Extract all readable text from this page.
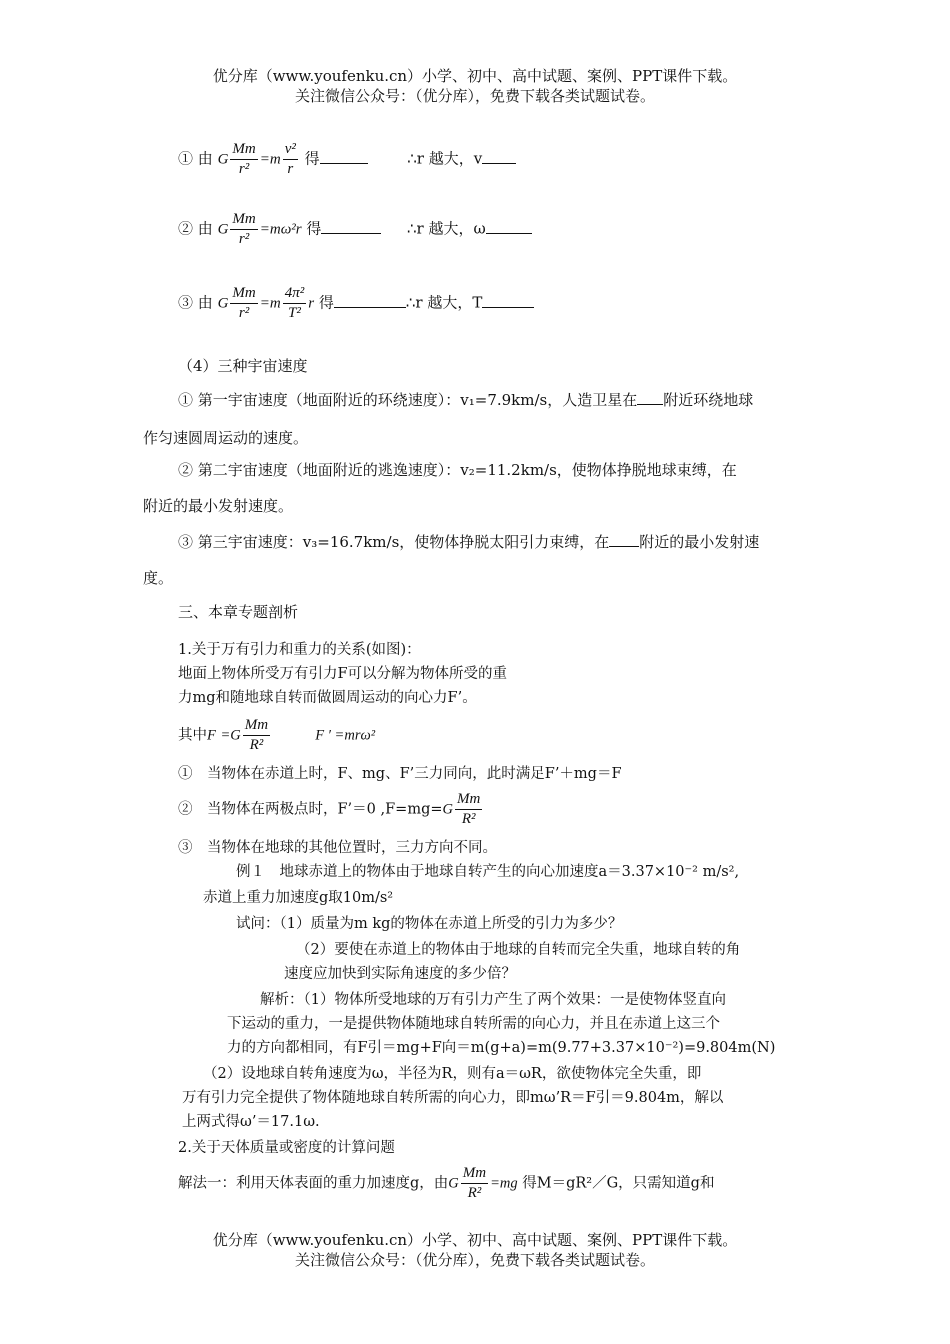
优分库（www.youfenku.cn）小学、初中、高中试题、案例、PPT课件下载。
关注微信公众号：（优分库），免费下载各类试题试卷。
① 由 G $\frac{Mm}{\text{r²}} =m \frac{\text{v²}}{r}$ 得	∴r 越大，v
② 由 G $\frac{Mm}{\text{r²}} =m\omega^2r$ 得	∴r 越大，ω
③ 由 G $\frac{Mm}{\text{r²}} =m \frac{\text{4π²}}{\text{T²}}$ r 得	∴r 越大，T
（4）三种宇宙速度
① 第一宇宙速度（地面附近的环绕速度）：v₁=7.9km/s，人造卫星在 附近环绕地球
作匀速圆周运动的速度。
② 第二宇宙速度（地面附近的逃逸速度）：v₂=11.2km/s，使物体挣脱地球束缚，在
附近的最小发射速度。
③ 第三宇宙速度：v₃=16.7km/s，使物体挣脱太阳引力束缚，在 附近的最小发射速
度。
三、本章专题剖析
1.关于万有引力和重力的关系(如图)：
地面上物体所受万有引力F可以分解为物体所受的重
力mg和随地球自转而做圆周运动的向心力F’。
其中$F =G \frac{Mm}{\text{R²}}$	F ′ =mrω²
①　当物体在赤道上时，F、mg、F’三力同向，此时满足F’＋mg＝F
②　当物体在两极点时，F’＝0 $,F=mg=G \frac{Mm}{\text{R²}}$
③　当物体在地球的其他位置时，三力方向不同。
例１　地球赤道上的物体由于地球自转产生的向心加速度a＝3.37×10⁻² m/s²,
赤道上重力加速度g取10m/s²
试问：（1）质量为m kg的物体在赤道上所受的引力为多少？
（2）要使在赤道上的物体由于地球的自转而完全失重，地球自转的角
速度应加快到实际角速度的多少倍？
解析：（1）物体所受地球的万有引力产生了两个效果：一是使物体竖直向
下运动的重力，一是提供物体随地球自转所需的向心力，并且在赤道上这三个
力的方向都相同，有F引＝mg+F向＝m(g+a)=m(9.77+3.37×10⁻²)=9.804m(N)
（2）设地球自转角速度为ω，半径为R，则有a＝ωR，欲使物体完全失重，即
万有引力完全提供了物体随地球自转所需的向心力，即mω’R＝F引＝9.804m，解以
上两式得ω’＝17.1ω.
2.关于天体质量或密度的计算问题
解法一：利用天体表面的重力加速度g，由G $\frac{Mm}{\text{R²}} =mg$ 得M＝gR²／G，只需知道g和
优分库（www.youfenku.cn）小学、初中、高中试题、案例、PPT课件下载。
关注微信公众号：（优分库），免费下载各类试题试卷。
